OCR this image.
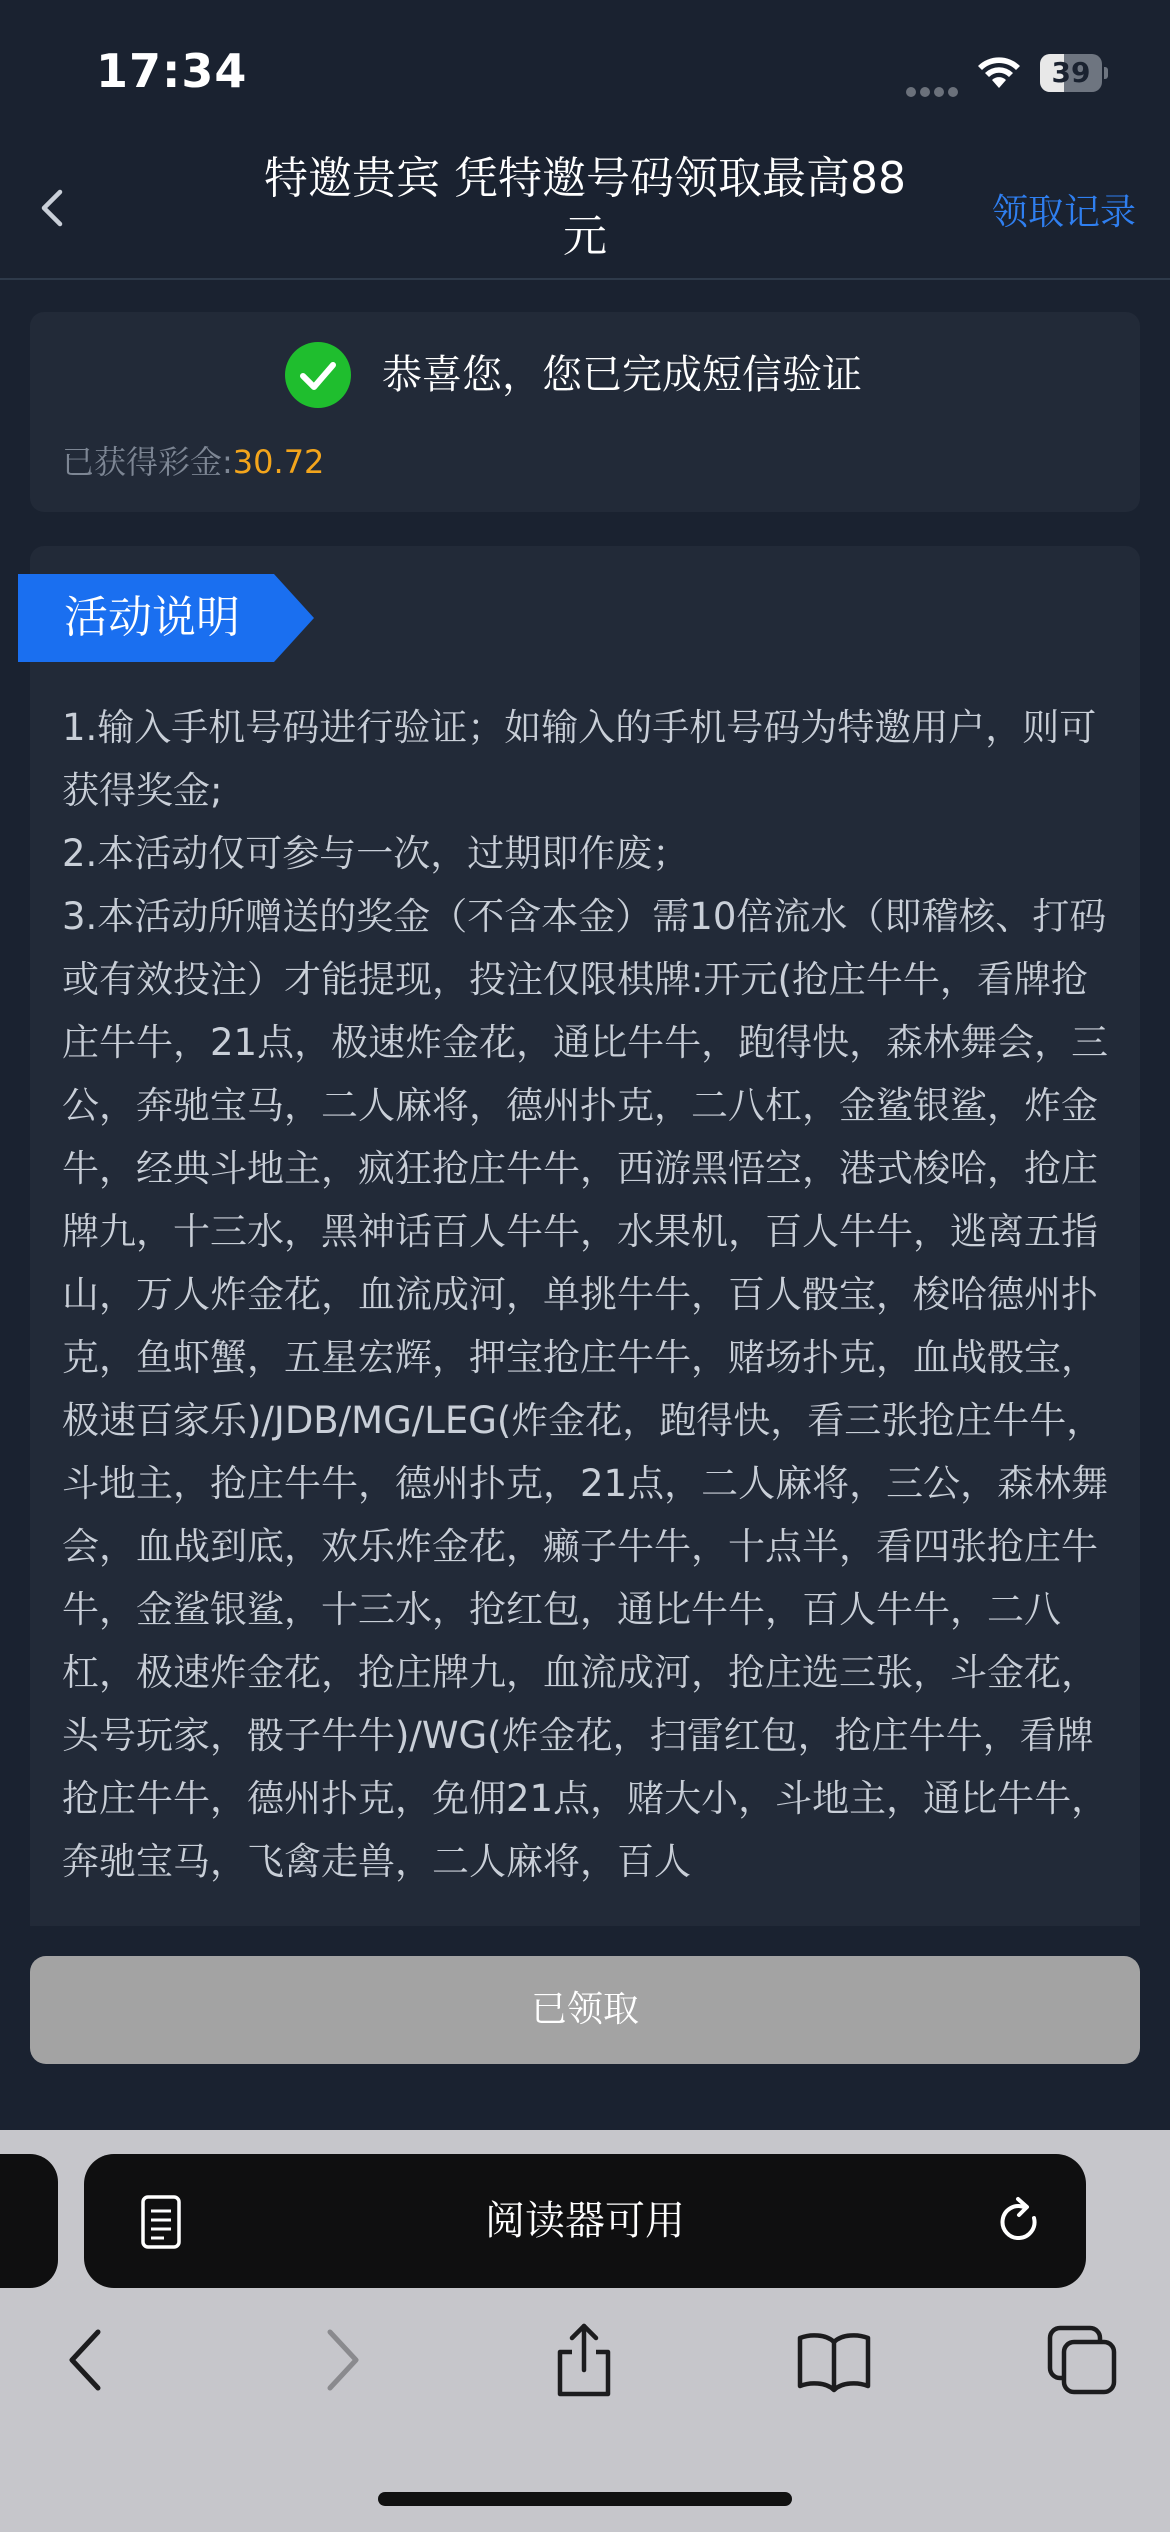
17:34	39
特邀贵宾 凭特邀号码领取最高88元	领取记录
恭喜您，您已完成短信验证
已获得彩金:30.72
1.输入手机号码进行验证；如输入的手机号码为特邀用户，则可获得奖金;
2.本活动仅可参与一次，过期即作废；
3.本活动所赠送的奖金（不含本金）需10倍流水（即稽核、打码或有效投注）才能提现，投注仅限棋牌:开元(抢庄牛牛，看牌抢庄牛牛，21点，极速炸金花，通比牛牛，跑得快，森林舞会，三公，奔驰宝马，二人麻将，德州扑克，二八杠，金鲨银鲨，炸金牛，经典斗地主，疯狂抢庄牛牛，西游黑悟空，港式梭哈，抢庄牌九，十三水，黑神话百人牛牛，水果机，百人牛牛，逃离五指山，万人炸金花，血流成河，单挑牛牛，百人骰宝，梭哈德州扑克，鱼虾蟹，五星宏辉，押宝抢庄牛牛，赌场扑克，血战骰宝，极速百家乐)/JDB/MG/LEG(炸金花，跑得快，看三张抢庄牛牛，斗地主，抢庄牛牛，德州扑克，21点，二人麻将，三公，森林舞会，血战到底，欢乐炸金花，癞子牛牛，十点半，看四张抢庄牛牛，金鲨银鲨，十三水，抢红包，通比牛牛，百人牛牛，二八杠，极速炸金花，抢庄牌九，血流成河，抢庄选三张，斗金花，头号玩家，骰子牛牛)/WG(炸金花，扫雷红包，抢庄牛牛，看牌抢庄牛牛，德州扑克，免佣21点，赌大小，斗地主，通比牛牛，奔驰宝马，飞禽走兽，二人麻将，百人
活动说明
已领取
阅读器可用
